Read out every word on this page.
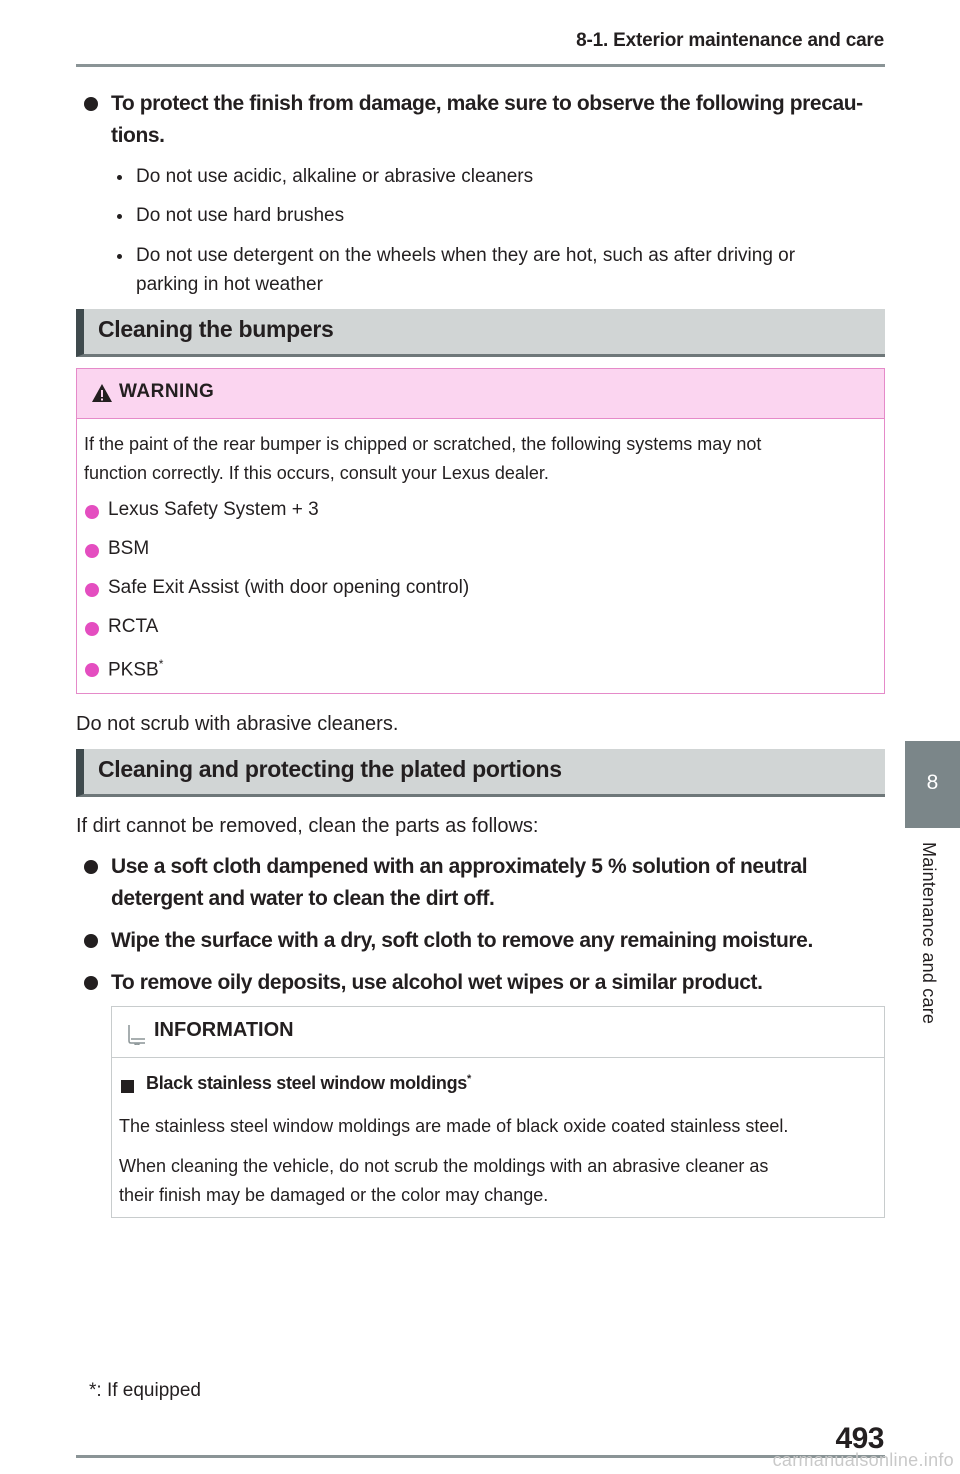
8-1. Exterior maintenance and care
To protect the finish from damage, make sure to observe the following precau-
tions.
Do not use acidic, alkaline or abrasive cleaners
Do not use hard brushes
Do not use detergent on the wheels when they are hot, such as after driving or
parking in hot weather
Cleaning the bumpers
WARNING
If the paint of the rear bumper is chipped or scratched, the following systems may not
function correctly. If this occurs, consult your Lexus dealer.
Lexus Safety System + 3
BSM
Safe Exit Assist (with door opening control)
RCTA
PKSB*
Do not scrub with abrasive cleaners.
Cleaning and protecting the plated portions
If dirt cannot be removed, clean the parts as follows:
Use a soft cloth dampened with an approximately 5 % solution of neutral
detergent and water to clean the dirt off.
Wipe the surface with a dry, soft cloth to remove any remaining moisture.
To remove oily deposits, use alcohol wet wipes or a similar product.
INFORMATION
Black stainless steel window moldings*
The stainless steel window moldings are made of black oxide coated stainless steel.
When cleaning the vehicle, do not scrub the moldings with an abrasive cleaner as
their finish may be damaged or the color may change.
8
Maintenance and care
*: If equipped
493
carmanualsonline.info
